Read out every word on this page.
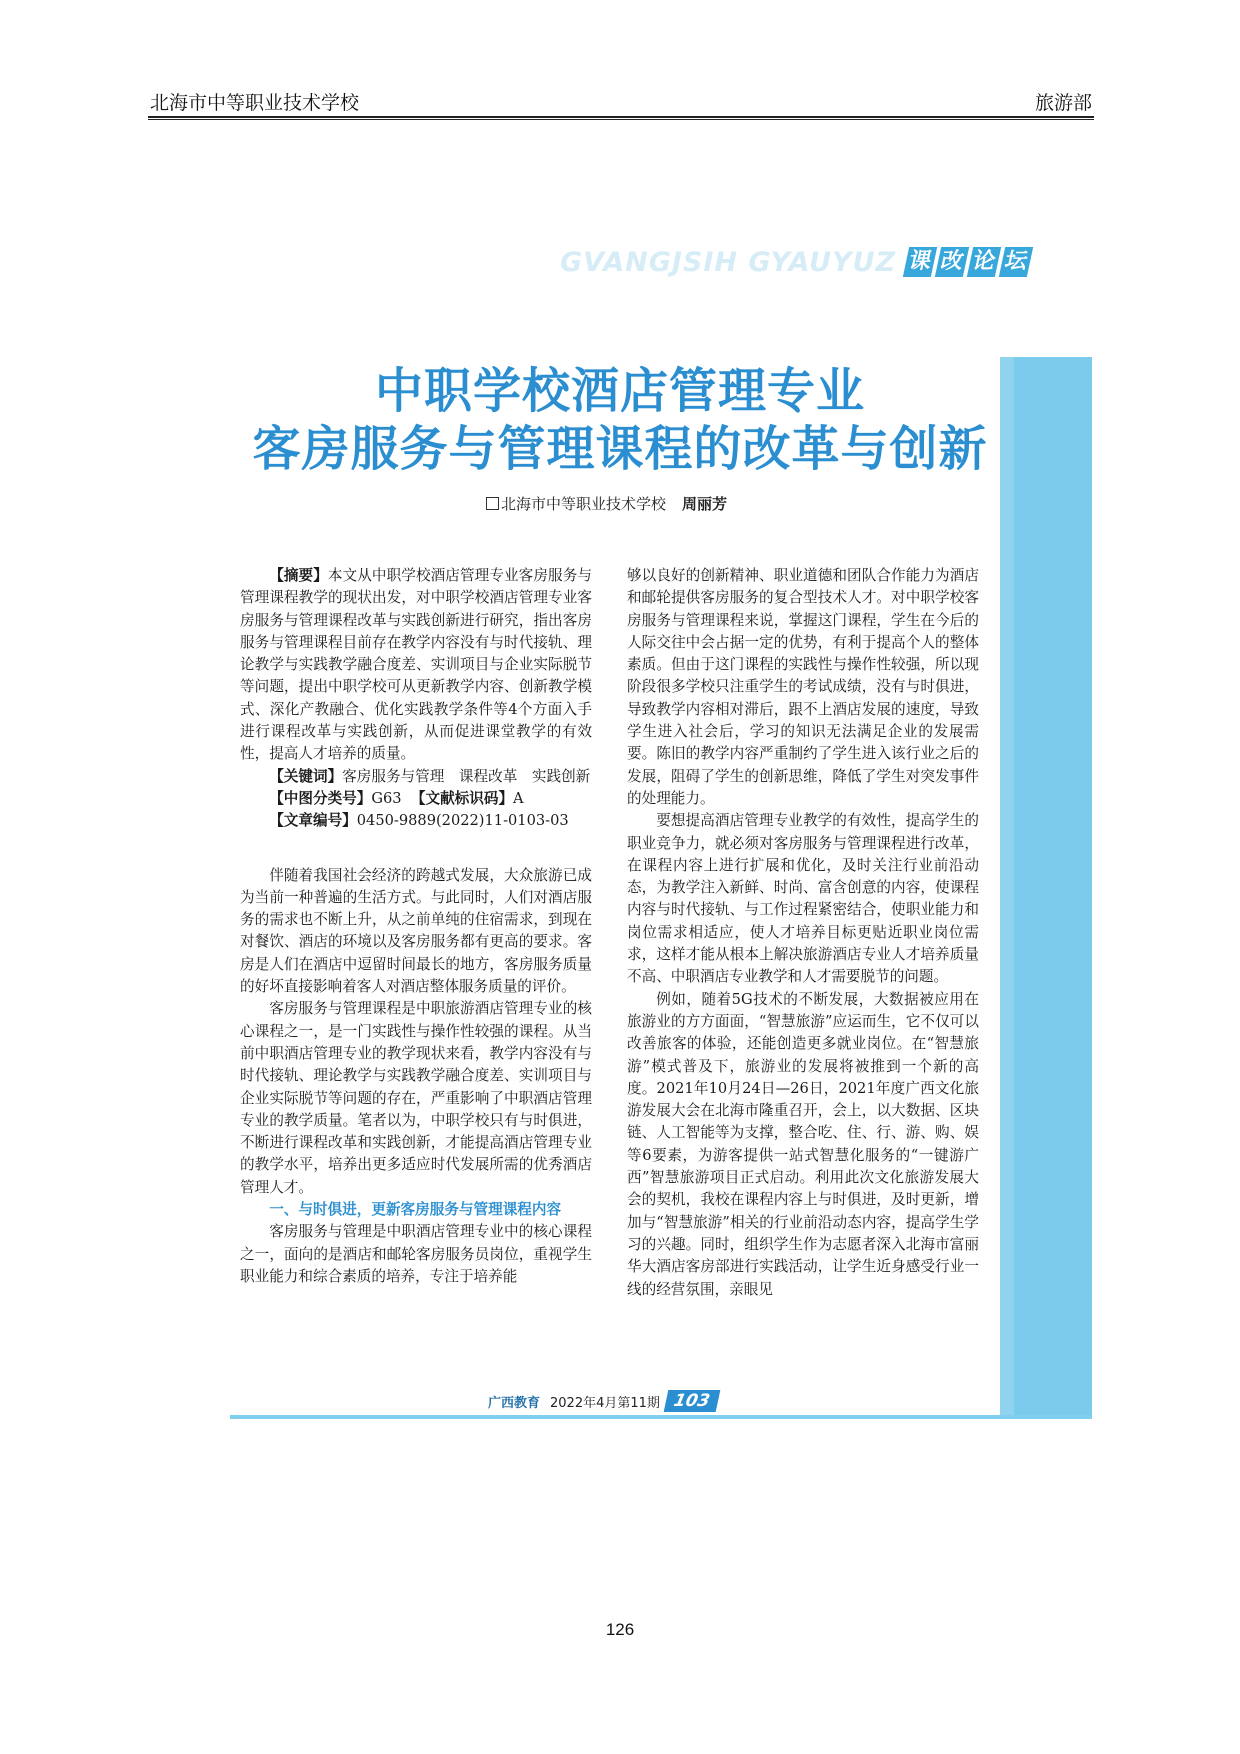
北海市中等职业技术学校	旅游部
GVANGJSIH GYAUYUZ 课 改 论 坛
中职学校酒店管理专业
客房服务与管理课程的改革与创新
北海市中等职业技术学校 周丽芳

【摘要】本文从中职学校酒店管理专业客房服务与管理课程教学的现状出发，对中职学校酒店管理专业客房服务与管理课程改革与实践创新进行研究，指出客房服务与管理课程目前存在教学内容没有与时代接轨、理论教学与实践教学融合度差、实训项目与企业实际脱节等问题，提出中职学校可从更新教学内容、创新教学模式、深化产教融合、优化实践教学条件等4个方面入手进行课程改革与实践创新，从而促进课堂教学的有效性，提高人才培养的质量。

【关键词】客房服务与管理　课程改革　实践创新

【中图分类号】G63 【文献标识码】A

【文章编号】0450-9889(2022)11-0103-03

伴随着我国社会经济的跨越式发展，大众旅游已成为当前一种普遍的生活方式。与此同时，人们对酒店服务的需求也不断上升，从之前单纯的住宿需求，到现在对餐饮、酒店的环境以及客房服务都有更高的要求。客房是人们在酒店中逗留时间最长的地方，客房服务质量的好坏直接影响着客人对酒店整体服务质量的评价。

客房服务与管理课程是中职旅游酒店管理专业的核心课程之一，是一门实践性与操作性较强的课程。从当前中职酒店管理专业的教学现状来看，教学内容没有与时代接轨、理论教学与实践教学融合度差、实训项目与企业实际脱节等问题的存在，严重影响了中职酒店管理专业的教学质量。笔者以为，中职学校只有与时俱进，不断进行课程改革和实践创新，才能提高酒店管理专业的教学水平，培养出更多适应时代发展所需的优秀酒店管理人才。

一、与时俱进，更新客房服务与管理课程内容

客房服务与管理是中职酒店管理专业中的核心课程之一，面向的是酒店和邮轮客房服务员岗位，重视学生职业能力和综合素质的培养，专注于培养能

够以良好的创新精神、职业道德和团队合作能力为酒店和邮轮提供客房服务的复合型技术人才。对中职学校客房服务与管理课程来说，掌握这门课程，学生在今后的人际交往中会占据一定的优势，有利于提高个人的整体素质。但由于这门课程的实践性与操作性较强，所以现阶段很多学校只注重学生的考试成绩，没有与时俱进，导致教学内容相对滞后，跟不上酒店发展的速度，导致学生进入社会后，学习的知识无法满足企业的发展需要。陈旧的教学内容严重制约了学生进入该行业之后的发展，阻碍了学生的创新思维，降低了学生对突发事件的处理能力。

要想提高酒店管理专业教学的有效性，提高学生的职业竞争力，就必须对客房服务与管理课程进行改革，在课程内容上进行扩展和优化，及时关注行业前沿动态，为教学注入新鲜、时尚、富含创意的内容，使课程内容与时代接轨、与工作过程紧密结合，使职业能力和岗位需求相适应，使人才培养目标更贴近职业岗位需求，这样才能从根本上解决旅游酒店专业人才培养质量不高、中职酒店专业教学和人才需要脱节的问题。

例如，随着5G技术的不断发展，大数据被应用在旅游业的方方面面，“智慧旅游”应运而生，它不仅可以改善旅客的体验，还能创造更多就业岗位。在“智慧旅游”模式普及下，旅游业的发展将被推到一个新的高度。2021年10月24日—26日，2021年度广西文化旅游发展大会在北海市隆重召开，会上，以大数据、区块链、人工智能等为支撑，整合吃、住、行、游、购、娱等6要素，为游客提供一站式智慧化服务的“一键游广西”智慧旅游项目正式启动。利用此次文化旅游发展大会的契机，我校在课程内容上与时俱进，及时更新，增加与“智慧旅游”相关的行业前沿动态内容，提高学生学习的兴趣。同时，组织学生作为志愿者深入北海市富丽华大酒店客房部进行实践活动，让学生近身感受行业一线的经营氛围，亲眼见

广西教育 2022年4月第11期 103
126
